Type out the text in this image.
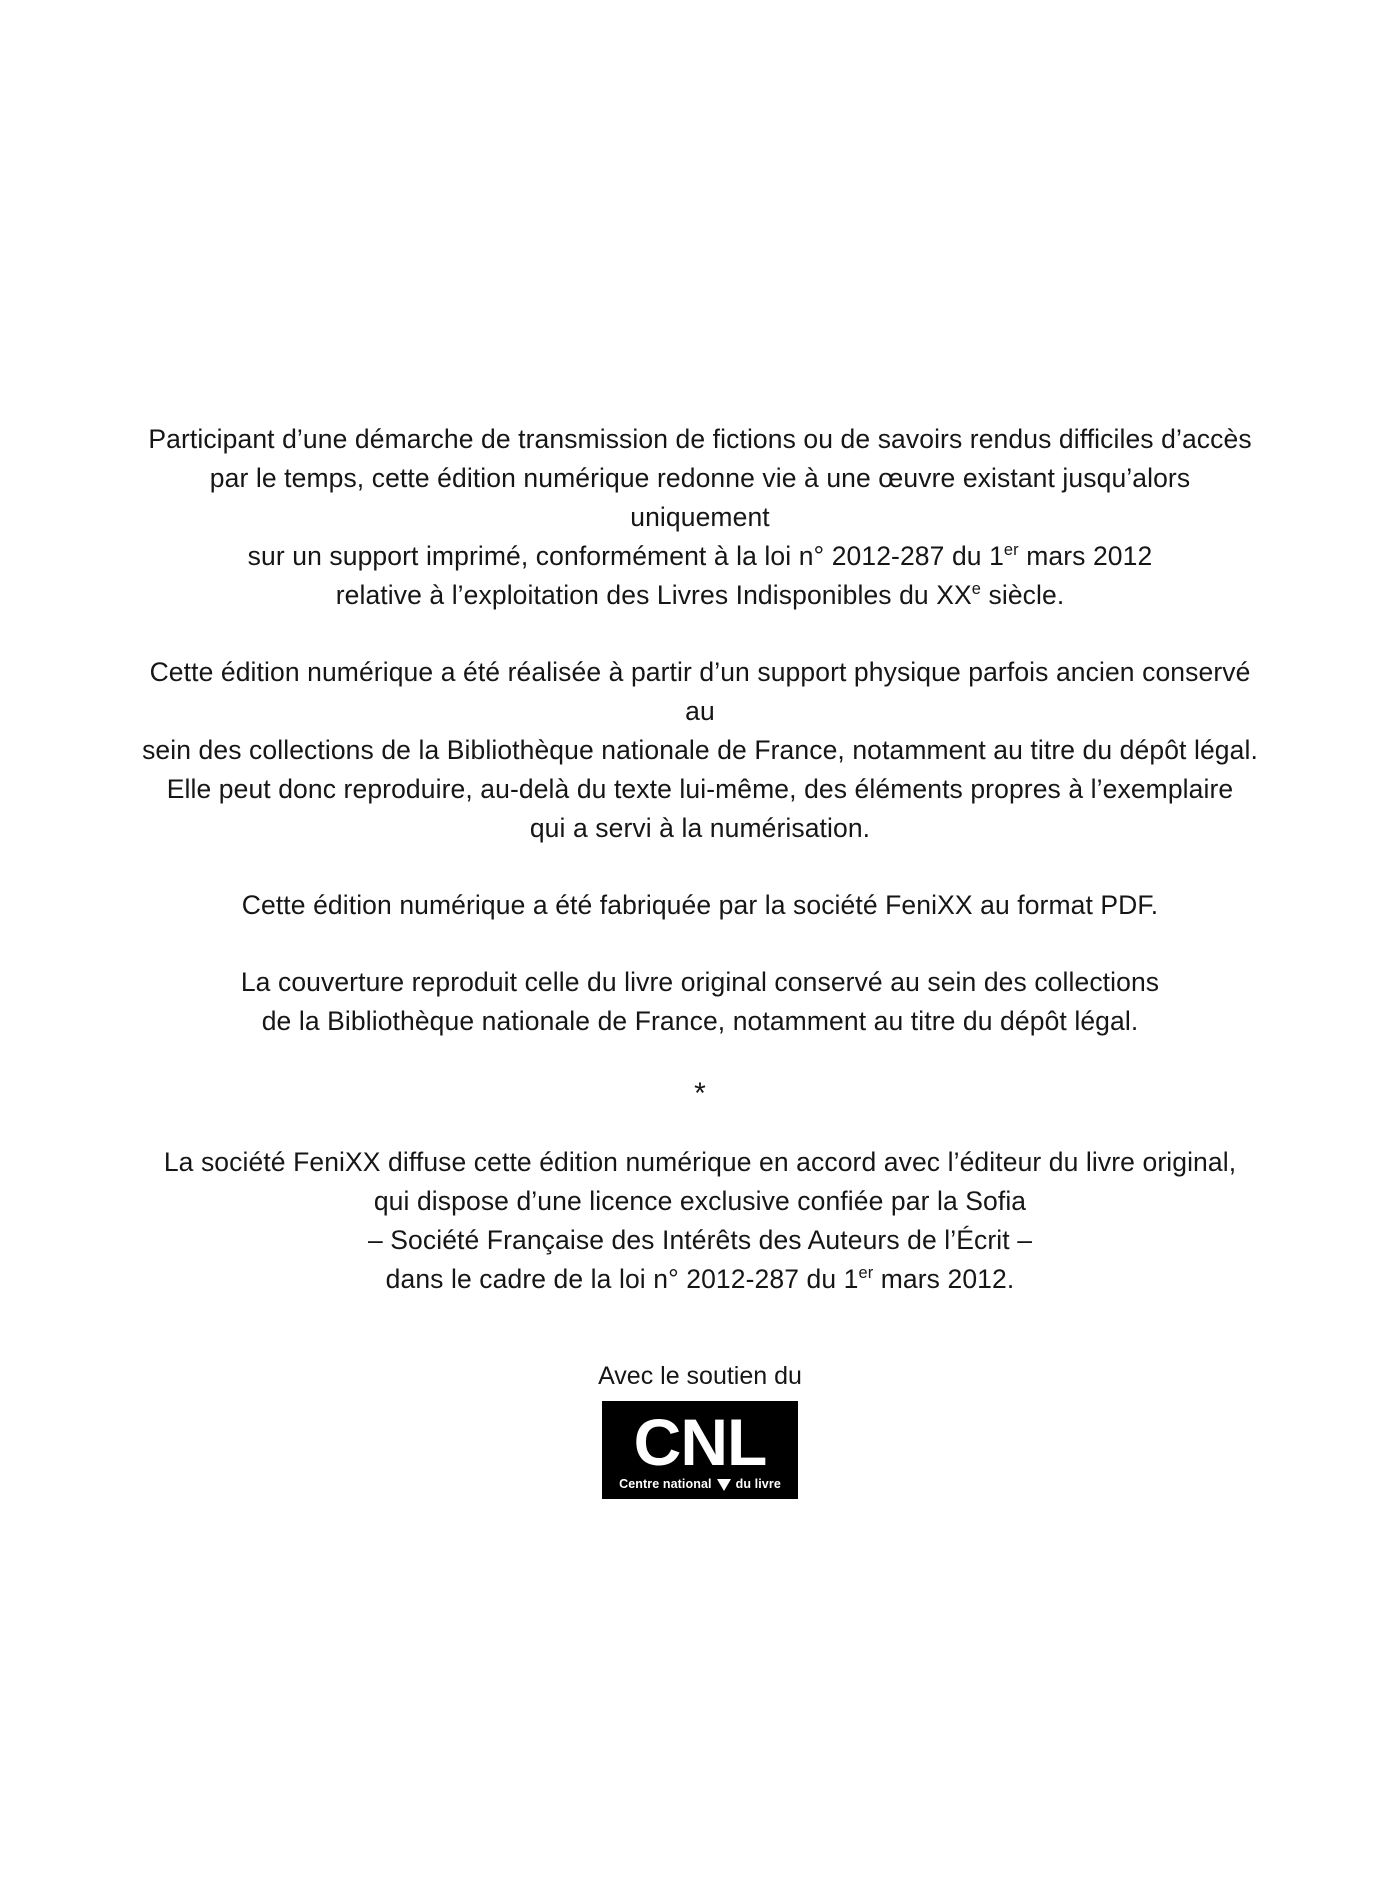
Participant d’une démarche de transmission de fictions ou de savoirs rendus difficiles d’accès
par le temps, cette édition numérique redonne vie à une œuvre existant jusqu’alors uniquement
sur un support imprimé, conformément à la loi n° 2012-287 du 1er mars 2012
relative à l’exploitation des Livres Indisponibles du XXe siècle.

Cette édition numérique a été réalisée à partir d’un support physique parfois ancien conservé au
sein des collections de la Bibliothèque nationale de France, notamment au titre du dépôt légal.
Elle peut donc reproduire, au-delà du texte lui-même, des éléments propres à l’exemplaire
qui a servi à la numérisation.

Cette édition numérique a été fabriquée par la société FeniXX au format PDF.

La couverture reproduit celle du livre original conservé au sein des collections
de la Bibliothèque nationale de France, notamment au titre du dépôt légal.

*

La société FeniXX diffuse cette édition numérique en accord avec l’éditeur du livre original,
qui dispose d’une licence exclusive confiée par la Sofia
– Société Française des Intérêts des Auteurs de l’Écrit –
dans le cadre de la loi n° 2012-287 du 1er mars 2012.

Avec le soutien du
CNL
Centre national du livre
